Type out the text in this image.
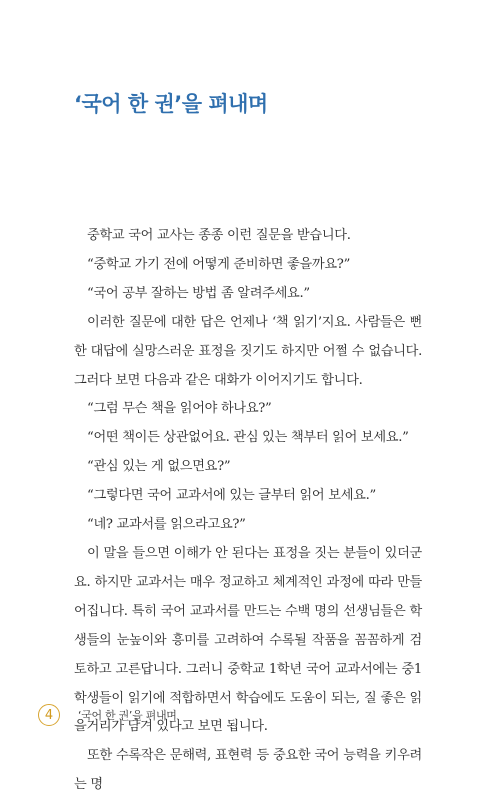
‘국어 한 권’을 펴내며

중학교 국어 교사는 종종 이런 질문을 받습니다.

“중학교 가기 전에 어떻게 준비하면 좋을까요?”

“국어 공부 잘하는 방법 좀 알려주세요.”

이러한 질문에 대한 답은 언제나 ‘책 읽기’지요. 사람들은 뻔한 대답에 실망스러운 표정을 짓기도 하지만 어쩔 수 없습니다. 그러다 보면 다음과 같은 대화가 이어지기도 합니다.

“그럼 무슨 책을 읽어야 하나요?”

“어떤 책이든 상관없어요. 관심 있는 책부터 읽어 보세요.”

“관심 있는 게 없으면요?”

“그렇다면 국어 교과서에 있는 글부터 읽어 보세요.”

“네? 교과서를 읽으라고요?”

이 말을 들으면 이해가 안 된다는 표정을 짓는 분들이 있더군요. 하지만 교과서는 매우 정교하고 체계적인 과정에 따라 만들어집니다. 특히 국어 교과서를 만드는 수백 명의 선생님들은 학생들의 눈높이와 흥미를 고려하여 수록될 작품을 꼼꼼하게 검토하고 고른답니다. 그러니 중학교 1학년 국어 교과서에는 중1 학생들이 읽기에 적합하면서 학습에도 도움이 되는, 질 좋은 읽을거리가 담겨 있다고 보면 됩니다.

또한 수록작은 문해력, 표현력 등 중요한 국어 능력을 키우려는 명

4	‘국어 한 권’을 펴내며
